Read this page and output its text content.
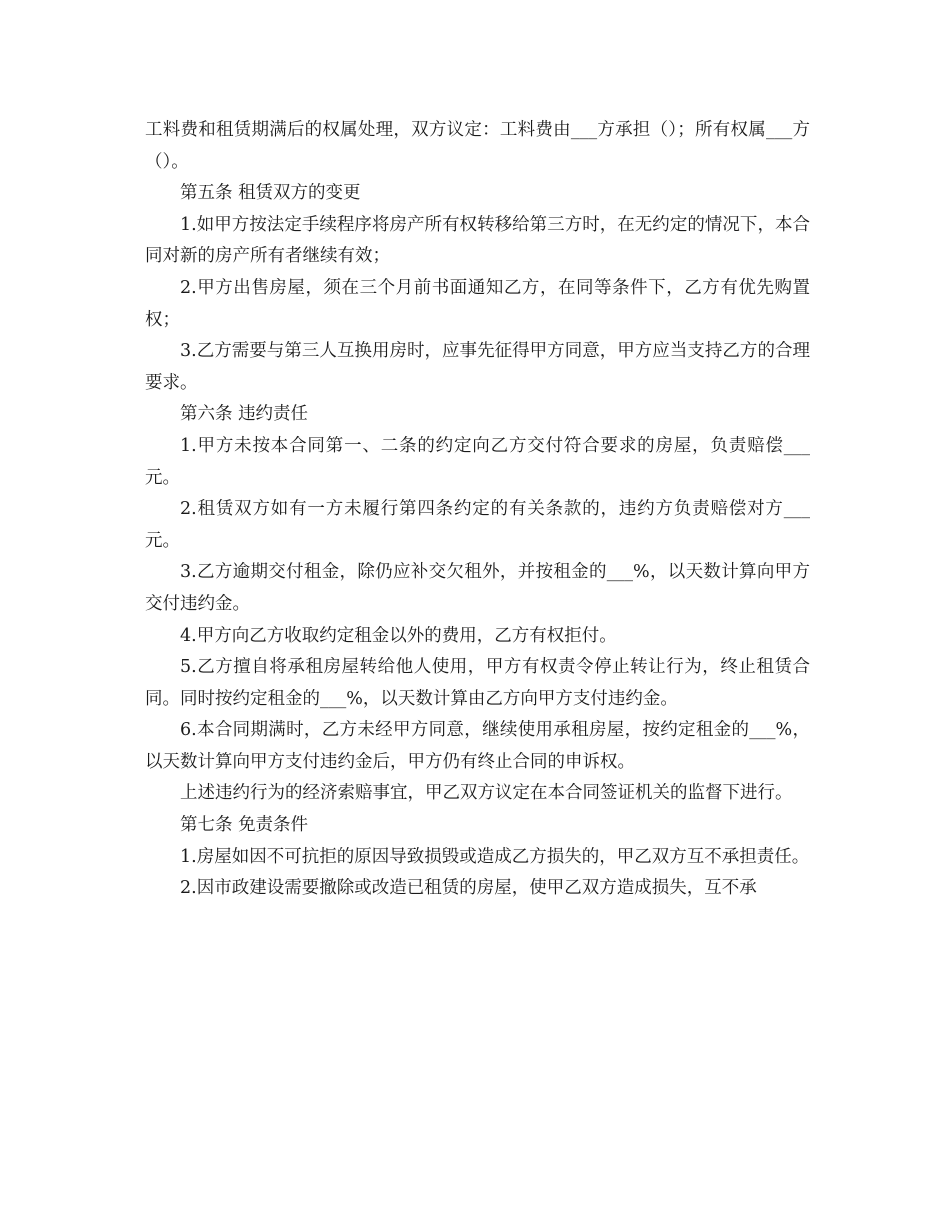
工料费和租赁期满后的权属处理，双方议定：工料费由___方承担（）；所有权属___方（）。

第五条 租赁双方的变更

1.如甲方按法定手续程序将房产所有权转移给第三方时，在无约定的情况下，本合同对新的房产所有者继续有效；

2.甲方出售房屋，须在三个月前书面通知乙方，在同等条件下，乙方有优先购置权；

3.乙方需要与第三人互换用房时，应事先征得甲方同意，甲方应当支持乙方的合理要求。

第六条 违约责任

1.甲方未按本合同第一、二条的约定向乙方交付符合要求的房屋，负责赔偿___元。

2.租赁双方如有一方未履行第四条约定的有关条款的，违约方负责赔偿对方___元。

3.乙方逾期交付租金，除仍应补交欠租外，并按租金的___%，以天数计算向甲方交付违约金。

4.甲方向乙方收取约定租金以外的费用，乙方有权拒付。

5.乙方擅自将承租房屋转给他人使用，甲方有权责令停止转让行为，终止租赁合同。同时按约定租金的___%，以天数计算由乙方向甲方支付违约金。

6.本合同期满时，乙方未经甲方同意，继续使用承租房屋，按约定租金的___%，以天数计算向甲方支付违约金后，甲方仍有终止合同的申诉权。

上述违约行为的经济索赔事宜，甲乙双方议定在本合同签证机关的监督下进行。

第七条 免责条件

1.房屋如因不可抗拒的原因导致损毁或造成乙方损失的，甲乙双方互不承担责任。

2.因市政建设需要撤除或改造已租赁的房屋，使甲乙双方造成损失，互不承
